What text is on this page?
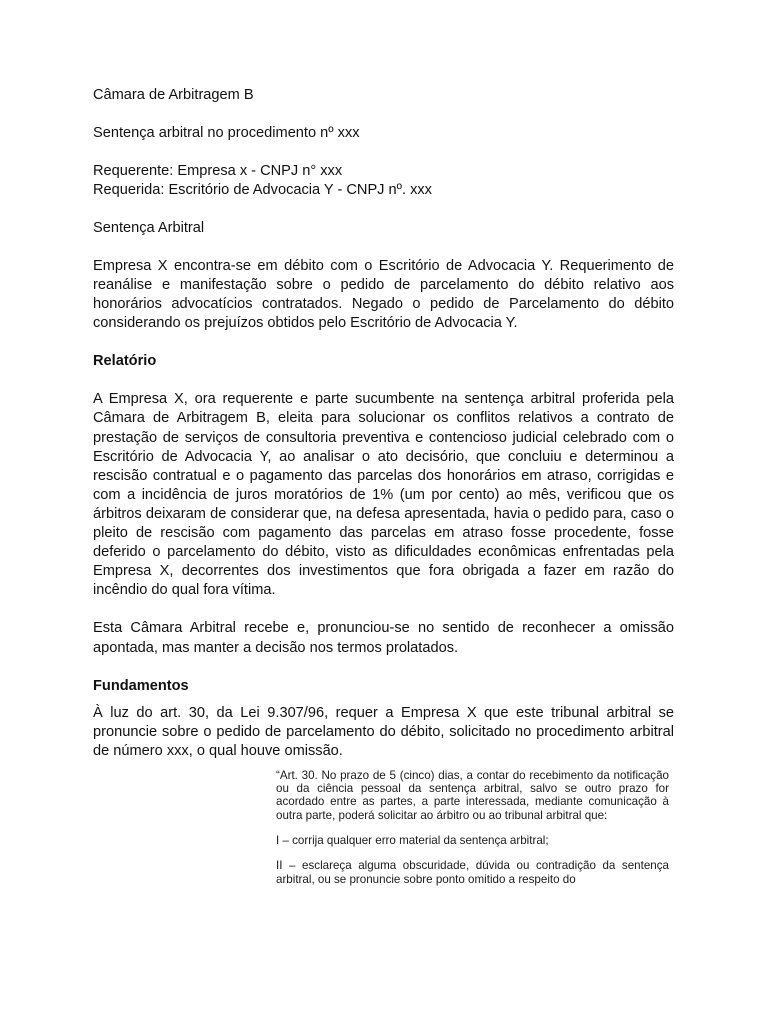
Câmara de Arbitragem B

Sentença arbitral no procedimento nº xxx

Requerente: Empresa x - CNPJ n° xxx

Requerida: Escritório de Advocacia Y - CNPJ nº. xxx

Sentença Arbitral

Empresa X encontra-se em débito com o Escritório de Advocacia Y. Requerimento de reanálise e manifestação sobre o pedido de parcelamento do débito relativo aos honorários advocatícios contratados. Negado o pedido de Parcelamento do débito considerando os prejuízos obtidos pelo Escritório de Advocacia Y.

Relatório

A Empresa X, ora requerente e parte sucumbente na sentença arbitral proferida pela Câmara de Arbitragem B, eleita para solucionar os conflitos relativos a contrato de prestação de serviços de consultoria preventiva e contencioso judicial celebrado com o Escritório de Advocacia Y, ao analisar o ato decisório, que concluiu e determinou a rescisão contratual e o pagamento das parcelas dos honorários em atraso, corrigidas e com a incidência de juros moratórios de 1% (um por cento) ao mês, verificou que os árbitros deixaram de considerar que, na defesa apresentada, havia o pedido para, caso o pleito de rescisão com pagamento das parcelas em atraso fosse procedente, fosse deferido o parcelamento do débito, visto as dificuldades econômicas enfrentadas pela Empresa X, decorrentes dos investimentos que fora obrigada a fazer em razão do incêndio do qual fora vítima.

Esta Câmara Arbitral recebe e, pronunciou-se no sentido de reconhecer a omissão apontada, mas manter a decisão nos termos prolatados.

Fundamentos

À luz do art. 30, da Lei 9.307/96, requer a Empresa X que este tribunal arbitral se pronuncie sobre o pedido de parcelamento do débito, solicitado no procedimento arbitral de número xxx, o qual houve omissão.

“Art. 30. No prazo de 5 (cinco) dias, a contar do recebimento da notificação ou da ciência pessoal da sentença arbitral, salvo se outro prazo for acordado entre as partes, a parte interessada, mediante comunicação à outra parte, poderá solicitar ao árbitro ou ao tribunal arbitral que:

I – corrija qualquer erro material da sentença arbitral;

II – esclareça alguma obscuridade, dúvida ou contradição da sentença arbitral, ou se pronuncie sobre ponto omitido a respeito do
